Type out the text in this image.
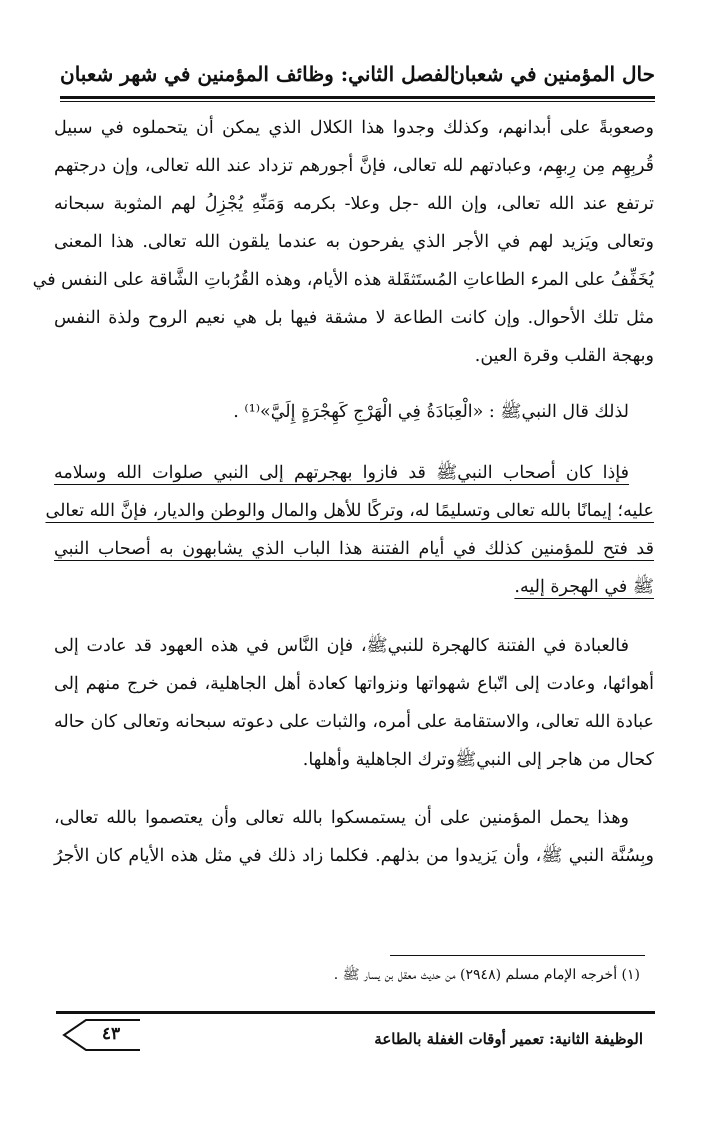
حال المؤمنين في شعبان
الفصل الثاني: وظائف المؤمنين في شهر شعبان
وصعوبةً على أبدانهم، وكذلك وجدوا هذا الكلال الذي يمكن أن يتحملوه في سبيل
قُربِهِم مِن رِبهِم، وعبادتهم لله تعالى، فإنَّ أجورهم تزداد عند الله تعالى، وإن درجتهم
ترتفع عند الله تعالى، وإن الله -جل وعلا- بكرمه وَمَنِّهِ يُجْزِلُ لهم المثوبة سبحانه
وتعالى ويَزيد لهم في الأجر الذي يفرحون به عندما يلقون الله تعالى. هذا المعنى
يُخَفِّفُ على المرء الطاعاتِ المُستَثقَلة هذه الأيام، وهذه القُرُباتِ الشَّاقة على النفس في
مثل تلك الأحوال. وإن كانت الطاعة لا مشقة فيها بل هي نعيم الروح ولذة النفس
وبهجة القلب وقرة العين.
لذلك قال النبيﷺ : «الْعِبَادَةُ فِي الْهَرْجِ كَهِجْرَةٍ إِلَيَّ»⁽¹⁾ .
فإذا كان أصحاب النبيﷺ قد فازوا بهجرتهم إلى النبي صلوات الله وسلامه
عليه؛ إيمانًا بالله تعالى وتسليمًا له، وتركًا للأهل والمال والوطن والديار، فإنَّ الله تعالى
قد فتح للمؤمنين كذلك في أيام الفتنة هذا الباب الذي يشابهون به أصحاب النبي
ﷺ في الهجرة إليه.
فالعبادة في الفتنة كالهجرة للنبيﷺ، فإن النَّاس في هذه العهود قد عادت إلى
أهوائها، وعادت إلى اتّباع شهواتها ونزواتها كعادة أهل الجاهلية، فمن خرج منهم إلى
عبادة الله تعالى، والاستقامة على أمره، والثبات على دعوته سبحانه وتعالى كان حاله
كحال من هاجر إلى النبيﷺوترك الجاهلية وأهلها.
وهذا يحمل المؤمنين على أن يستمسكوا بالله تعالى وأن يعتصموا بالله تعالى،
وبِسُنَّة النبي ﷺ، وأن يَزيدوا من بذلهم. فكلما زاد ذلك في مثل هذه الأيام كان الأجرُ
(١) أخرجه الإمام مسلم (٢٩٤٨) من حديث معقل بن يسار ﷺ .
الوظيفة الثانية: تعمير أوقات الغفلة بالطاعة
٤٣
